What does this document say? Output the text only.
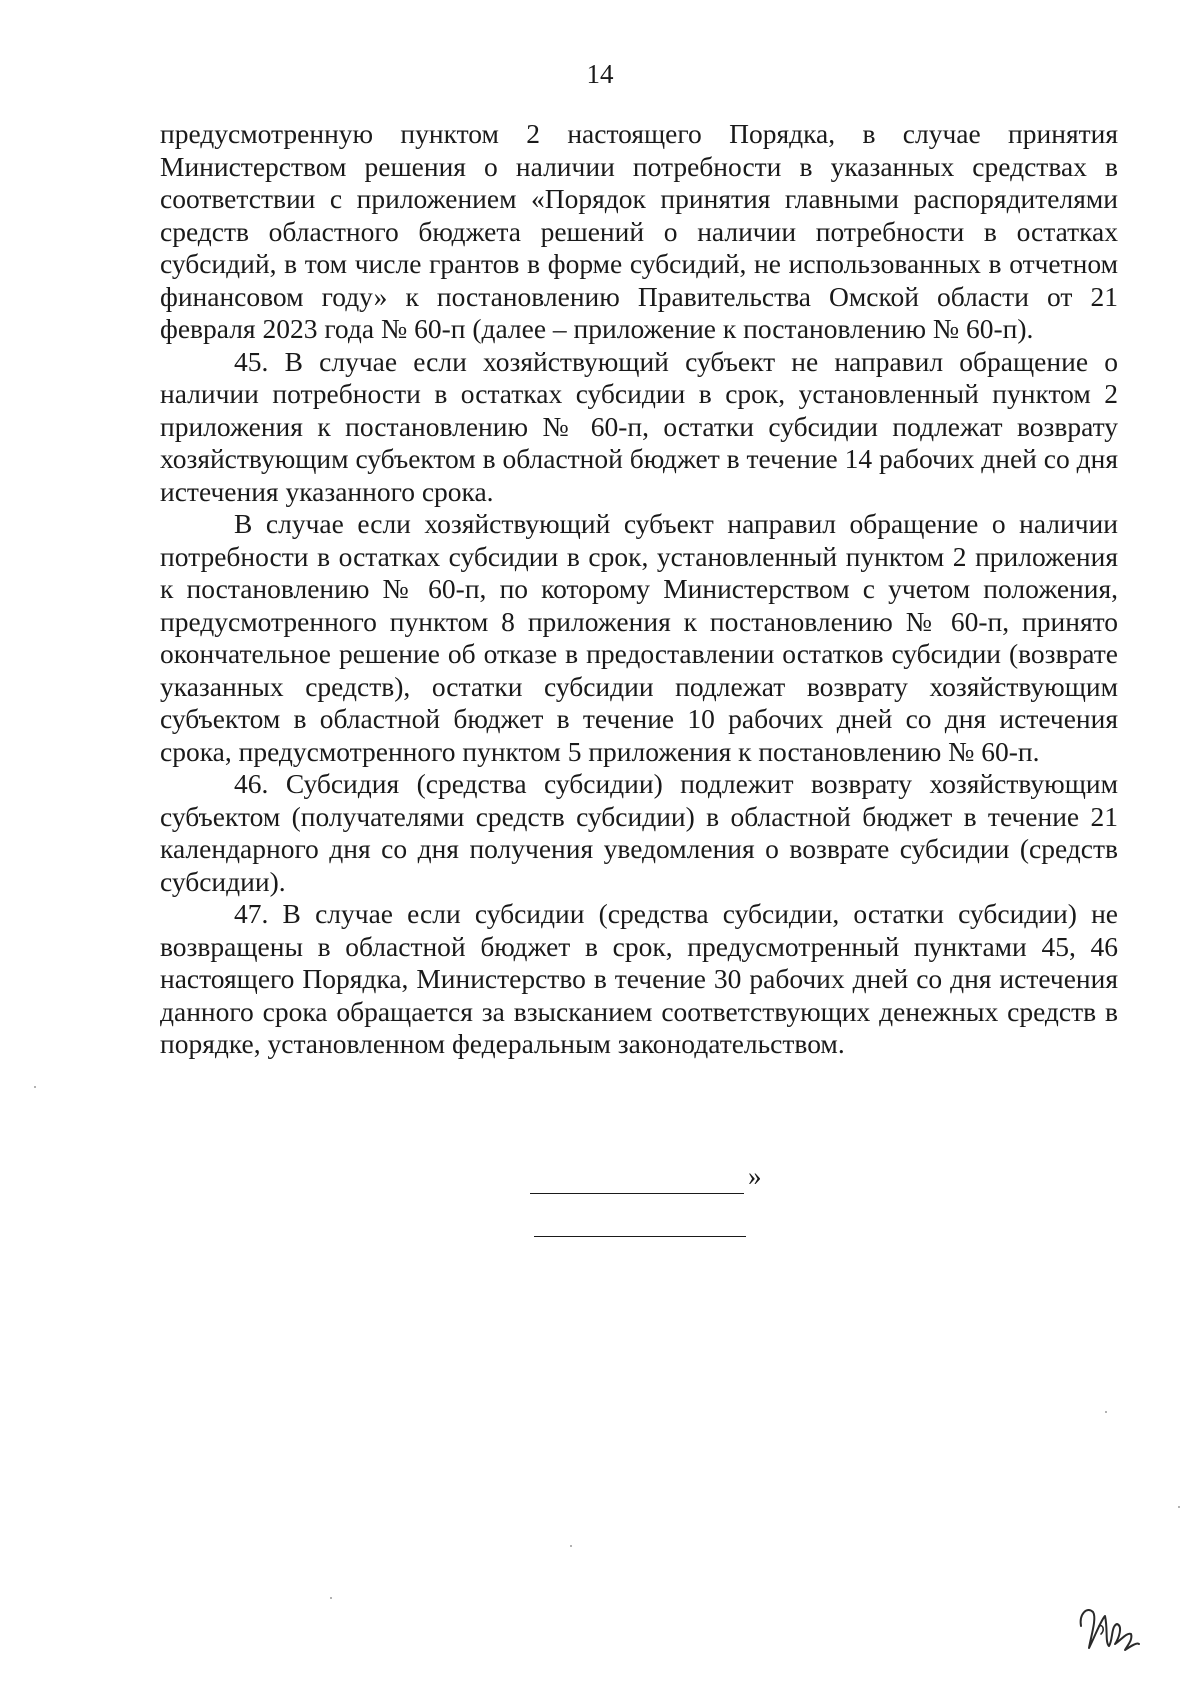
14

предусмотренную пунктом 2 настоящего Порядка, в случае принятия Министерством решения о наличии потребности в указанных средствах в соответствии с приложением «Порядок принятия главными распорядителями средств областного бюджета решений о наличии потребности в остатках субсидий, в том числе грантов в форме субсидий, не использованных в отчетном финансовом году» к постановлению Правительства Омской области от 21 февраля 2023 года № 60-п (далее – приложение к постановлению № 60-п).

45. В случае если хозяйствующий субъект не направил обращение о наличии потребности в остатках субсидии в срок, установленный пунктом 2 приложения к постановлению № 60-п, остатки субсидии подлежат возврату хозяйствующим субъектом в областной бюджет в течение 14 рабочих дней со дня истечения указанного срока.

В случае если хозяйствующий субъект направил обращение о наличии потребности в остатках субсидии в срок, установленный пунктом 2 приложения к постановлению № 60-п, по которому Министерством с учетом положения, предусмотренного пунктом 8 приложения к постановлению № 60-п, принято окончательное решение об отказе в предоставлении остатков субсидии (возврате указанных средств), остатки субсидии подлежат возврату хозяйствующим субъектом в областной бюджет в течение 10 рабочих дней со дня истечения срока, предусмотренного пунктом 5 приложения к постановлению № 60-п.

46. Субсидия (средства субсидии) подлежит возврату хозяйствующим субъектом (получателями средств субсидии) в областной бюджет в течение 21 календарного дня со дня получения уведомления о возврате субсидии (средств субсидии).

47. В случае если субсидии (средства субсидии, остатки субсидии) не возвращены в областной бюджет в срок, предусмотренный пунктами 45, 46 настоящего Порядка, Министерство в течение 30 рабочих дней со дня истечения данного срока обращается за взысканием соответствующих денежных средств в порядке, установленном федеральным законодательством.

»
